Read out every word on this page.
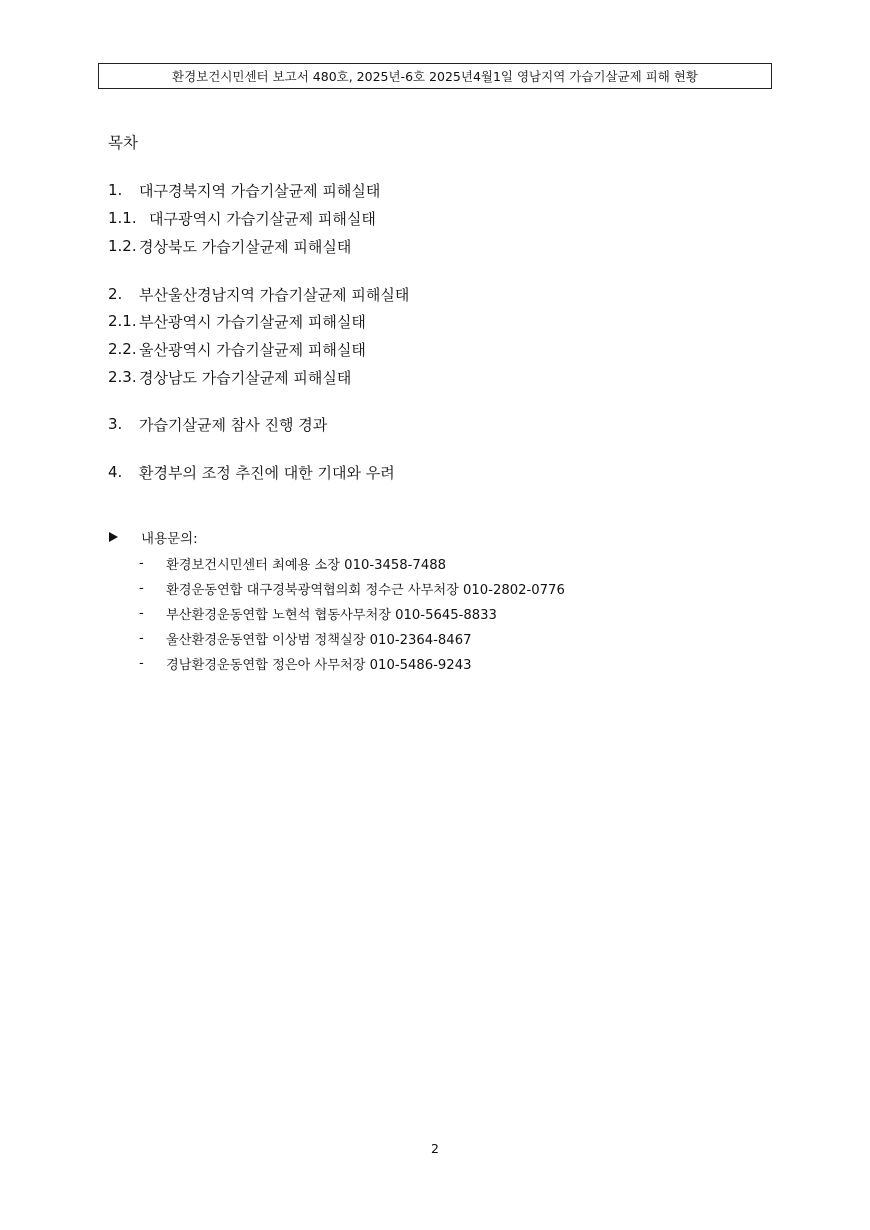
환경보건시민센터 보고서 480호, 2025년-6호 2025년4월1일 영남지역 가습기살균제 피해 현황
목차
1.	대구경북지역 가습기살균제 피해실태
1.1. 대구광역시 가습기살균제 피해실태
1.2. 경상북도 가습기살균제 피해실태
2.	부산울산경남지역 가습기살균제 피해실태
2.1. 부산광역시 가습기살균제 피해실태
2.2. 울산광역시 가습기살균제 피해실태
2.3. 경상남도 가습기살균제 피해실태
3.	가습기살균제 참사 진행 경과
4.	환경부의 조정 추진에 대한 기대와 우려
내용문의:
-	환경보건시민센터 최예용 소장 010-3458-7488
-	환경운동연합 대구경북광역협의회 정수근 사무처장 010-2802-0776
-	부산환경운동연합 노현석 협동사무처장 010-5645-8833
-	울산환경운동연합 이상범 정책실장 010-2364-8467
-	경남환경운동연합 정은아 사무처장 010-5486-9243
2
